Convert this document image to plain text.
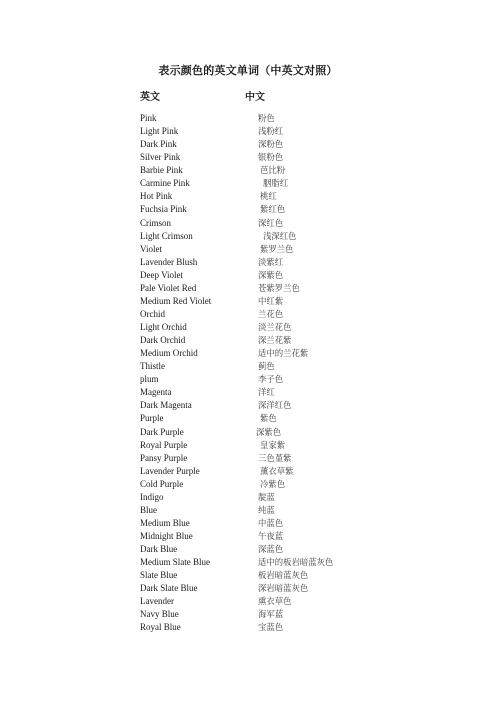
表示颜色的英文单词（中英文对照）
英文	中文
Pink	粉色
Light Pink	浅粉红
Dark Pink	深粉色
Silver Pink	银粉色
Barbie Pink	芭比粉
Carmine Pink	胭脂红
Hot Pink	桃红
Fuchsia Pink	紫红色
Crimson	深红色
Light Crimson	浅深红色
Violet	紫罗兰色
Lavender Blush	淡紫红
Deep Violet	深紫色
Pale Violet Red	苍紫罗兰色
Medium Red Violet	中红紫
Orchid	兰花色
Light Orchid	淡兰花色
Dark Orchid	深兰花紫
Medium Orchid	适中的兰花紫
Thistle	蓟色
plum	李子色
Magenta	洋红
Dark Magenta	深洋红色
Purple	紫色
Dark Purple	深紫色
Royal Purple	皇家紫
Pansy Purple	三色堇紫
Lavender Purple	薰衣草紫
Cold Purple	冷紫色
Indigo	靛蓝
Blue	纯蓝
Medium Blue	中蓝色
Midnight Blue	午夜蓝
Dark Blue	深蓝色
Medium Slate Blue	适中的板岩暗蓝灰色
Slate Blue	板岩暗蓝灰色
Dark Slate Blue	深岩暗蓝灰色
Lavender	熏衣草色
Navy Blue	海军蓝
Royal Blue	宝蓝色
